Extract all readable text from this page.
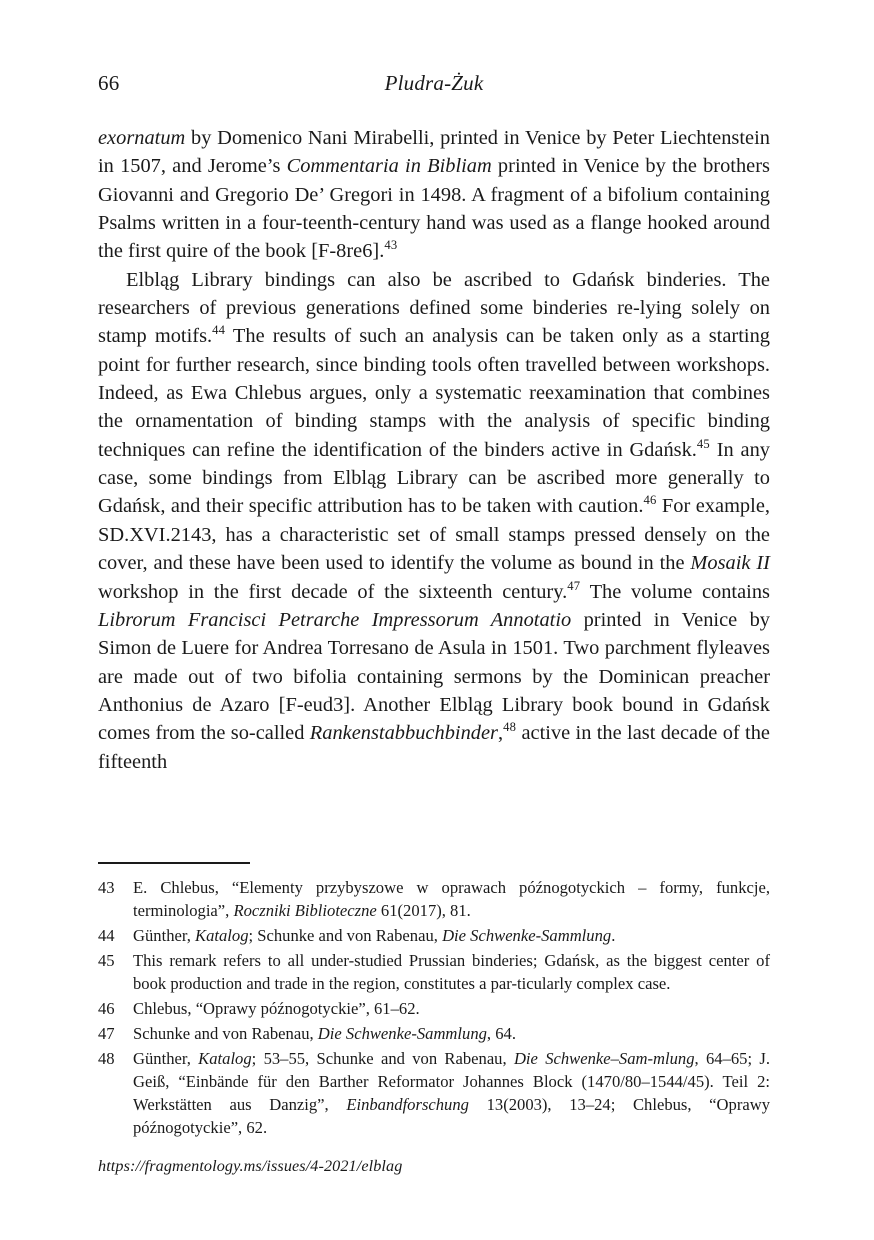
66	Pludra-Żuk

exornatum by Domenico Nani Mirabelli, printed in Venice by Peter Liechtenstein in 1507, and Jerome’s Commentaria in Bibliam printed in Venice by the brothers Giovanni and Gregorio De’ Gregori in 1498. A fragment of a bifolium containing Psalms written in a four-teenth-century hand was used as a flange hooked around the first quire of the book [F-8re6].$^{43}$

Elbląg Library bindings can also be ascribed to Gdańsk binderies. The researchers of previous generations defined some binderies re-lying solely on stamp motifs.$^{44}$ The results of such an analysis can be taken only as a starting point for further research, since binding tools often travelled between workshops. Indeed, as Ewa Chlebus argues, only a systematic reexamination that combines the ornamentation of binding stamps with the analysis of specific binding techniques can refine the identification of the binders active in Gdańsk.$^{45}$ In any case, some bindings from Elbląg Library can be ascribed more generally to Gdańsk, and their specific attribution has to be taken with caution.$^{46}$ For example, SD.XVI.2143, has a characteristic set of small stamps pressed densely on the cover, and these have been used to identify the volume as bound in the Mosaik II workshop in the first decade of the sixteenth century.$^{47}$ The volume contains Librorum Francisci Petrarche Impressorum Annotatio printed in Venice by Simon de Luere for Andrea Torresano de Asula in 1501. Two parchment flyleaves are made out of two bifolia containing sermons by the Dominican preacher Anthonius de Azaro [F-eud3]. Another Elbląg Library book bound in Gdańsk comes from the so-called Rankenstabbuchbinder,$^{48}$ active in the last decade of the fifteenth

43	E. Chlebus, “Elementy przybyszowe w oprawach późnogotyckich – formy, funkcje, terminologia”, Roczniki Biblioteczne 61(2017), 81.
44	Günther, Katalog; Schunke and von Rabenau, Die Schwenke-Sammlung.
45	This remark refers to all under-studied Prussian binderies; Gdańsk, as the biggest center of book production and trade in the region, constitutes a par-ticularly complex case.
46	Chlebus, “Oprawy późnogotyckie”, 61–62.
47	Schunke and von Rabenau, Die Schwenke-Sammlung, 64.
48	Günther, Katalog; 53–55, Schunke and von Rabenau, Die Schwenke–Sam-mlung, 64–65; J. Geiß, “Einbände für den Barther Reformator Johannes Block (1470/80–1544/45). Teil 2: Werkstätten aus Danzig”, Einbandforschung 13(2003), 13–24; Chlebus, “Oprawy późnogotyckie”, 62.
https://fragmentology.ms/issues/4-2021/elblag
